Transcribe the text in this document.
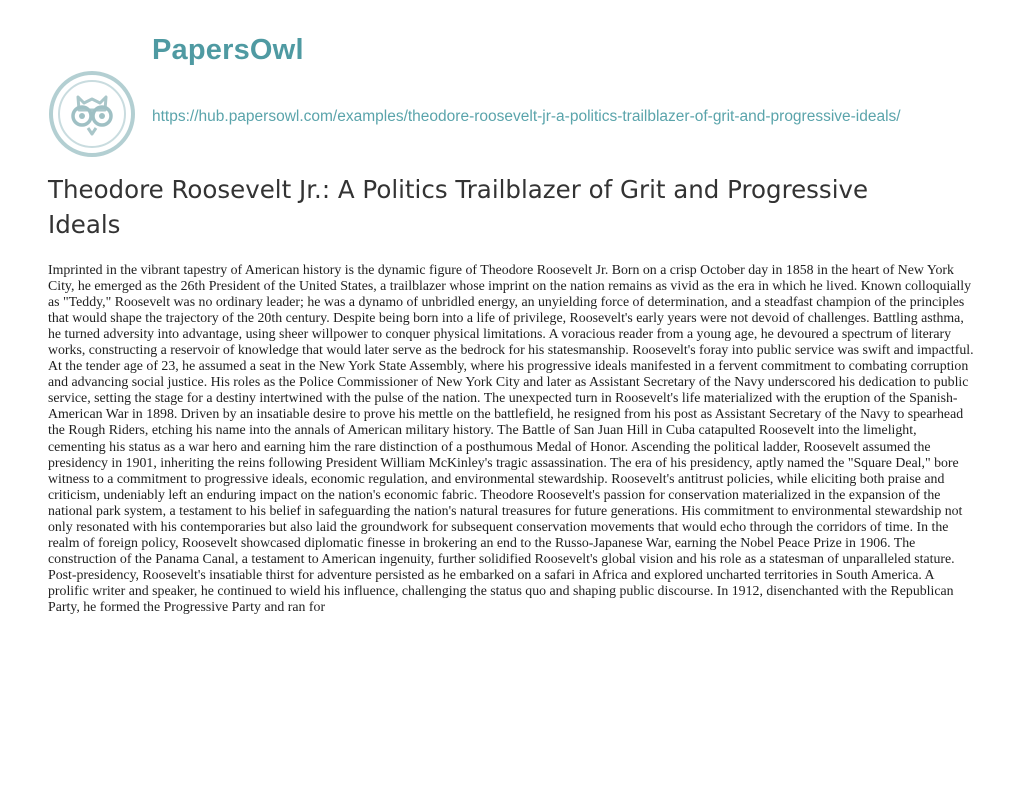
PapersOwl
https://hub.papersowl.com/examples/theodore-roosevelt-jr-a-politics-trailblazer-of-grit-and-progressive-ideals/
Theodore Roosevelt Jr.: A Politics Trailblazer of Grit and Progressive Ideals

Imprinted in the vibrant tapestry of American history is the dynamic figure of Theodore Roosevelt Jr. Born on a crisp October day in 1858 in the heart of New York City, he emerged as the 26th President of the United States, a trailblazer whose imprint on the nation remains as vivid as the era in which he lived. Known colloquially as "Teddy," Roosevelt was no ordinary leader; he was a dynamo of unbridled energy, an unyielding force of determination, and a steadfast champion of the principles that would shape the trajectory of the 20th century. Despite being born into a life of privilege, Roosevelt's early years were not devoid of challenges. Battling asthma, he turned adversity into advantage, using sheer willpower to conquer physical limitations. A voracious reader from a young age, he devoured a spectrum of literary works, constructing a reservoir of knowledge that would later serve as the bedrock for his statesmanship. Roosevelt's foray into public service was swift and impactful. At the tender age of 23, he assumed a seat in the New York State Assembly, where his progressive ideals manifested in a fervent commitment to combating corruption and advancing social justice. His roles as the Police Commissioner of New York City and later as Assistant Secretary of the Navy underscored his dedication to public service, setting the stage for a destiny intertwined with the pulse of the nation. The unexpected turn in Roosevelt's life materialized with the eruption of the Spanish-American War in 1898. Driven by an insatiable desire to prove his mettle on the battlefield, he resigned from his post as Assistant Secretary of the Navy to spearhead the Rough Riders, etching his name into the annals of American military history. The Battle of San Juan Hill in Cuba catapulted Roosevelt into the limelight, cementing his status as a war hero and earning him the rare distinction of a posthumous Medal of Honor. Ascending the political ladder, Roosevelt assumed the presidency in 1901, inheriting the reins following President William McKinley's tragic assassination. The era of his presidency, aptly named the "Square Deal," bore witness to a commitment to progressive ideals, economic regulation, and environmental stewardship. Roosevelt's antitrust policies, while eliciting both praise and criticism, undeniably left an enduring impact on the nation's economic fabric. Theodore Roosevelt's passion for conservation materialized in the expansion of the national park system, a testament to his belief in safeguarding the nation's natural treasures for future generations. His commitment to environmental stewardship not only resonated with his contemporaries but also laid the groundwork for subsequent conservation movements that would echo through the corridors of time. In the realm of foreign policy, Roosevelt showcased diplomatic finesse in brokering an end to the Russo-Japanese War, earning the Nobel Peace Prize in 1906. The construction of the Panama Canal, a testament to American ingenuity, further solidified Roosevelt's global vision and his role as a statesman of unparalleled stature. Post-presidency, Roosevelt's insatiable thirst for adventure persisted as he embarked on a safari in Africa and explored uncharted territories in South America. A prolific writer and speaker, he continued to wield his influence, challenging the status quo and shaping public discourse. In 1912, disenchanted with the Republican Party, he formed the Progressive Party and ran for
